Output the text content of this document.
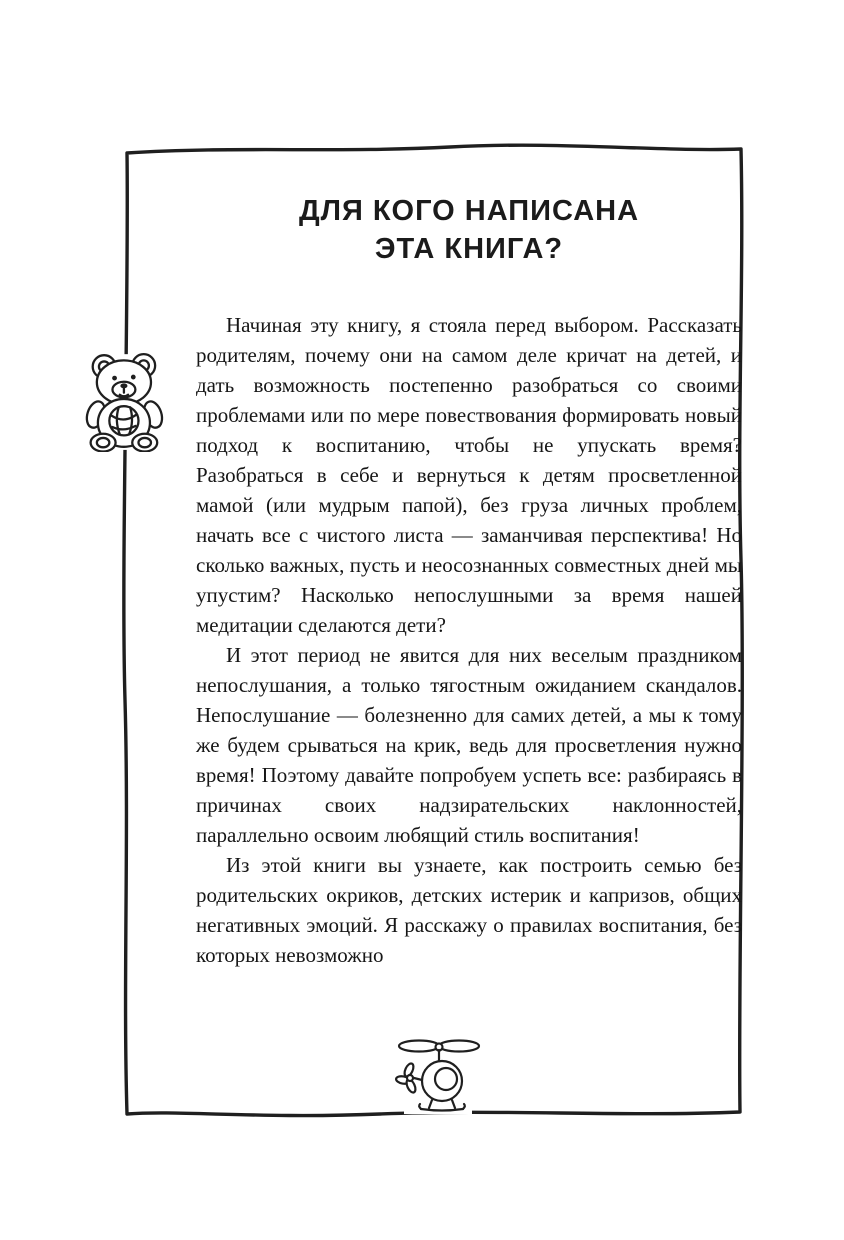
ДЛЯ КОГО НАПИСАНА
ЭТА КНИГА?

Начиная эту книгу, я стояла перед выбором. Рассказать родителям, почему они на самом деле кричат на детей, и дать возможность постепенно разобраться со своими проблемами или по мере повествования формировать новый подход к воспитанию, чтобы не упускать время? Разобраться в себе и вернуться к детям просветленной мамой (или мудрым папой), без груза личных проблем, начать все с чистого листа — заманчивая перспектива! Но сколько важных, пусть и неосознанных совместных дней мы упустим? Насколько непослушными за время нашей медитации сделаются дети?

И этот период не явится для них веселым праздником непослушания, а только тягостным ожиданием скандалов. Непослушание — болезненно для самих детей, а мы к тому же будем срываться на крик, ведь для просветления нужно время! Поэтому давайте попробуем успеть все: разбираясь в причинах своих надзирательских наклонностей, параллельно освоим любящий стиль воспитания!

Из этой книги вы узнаете, как построить семью без родительских окриков, детских истерик и капризов, общих негативных эмоций. Я расскажу о правилах воспитания, без которых невозможно
